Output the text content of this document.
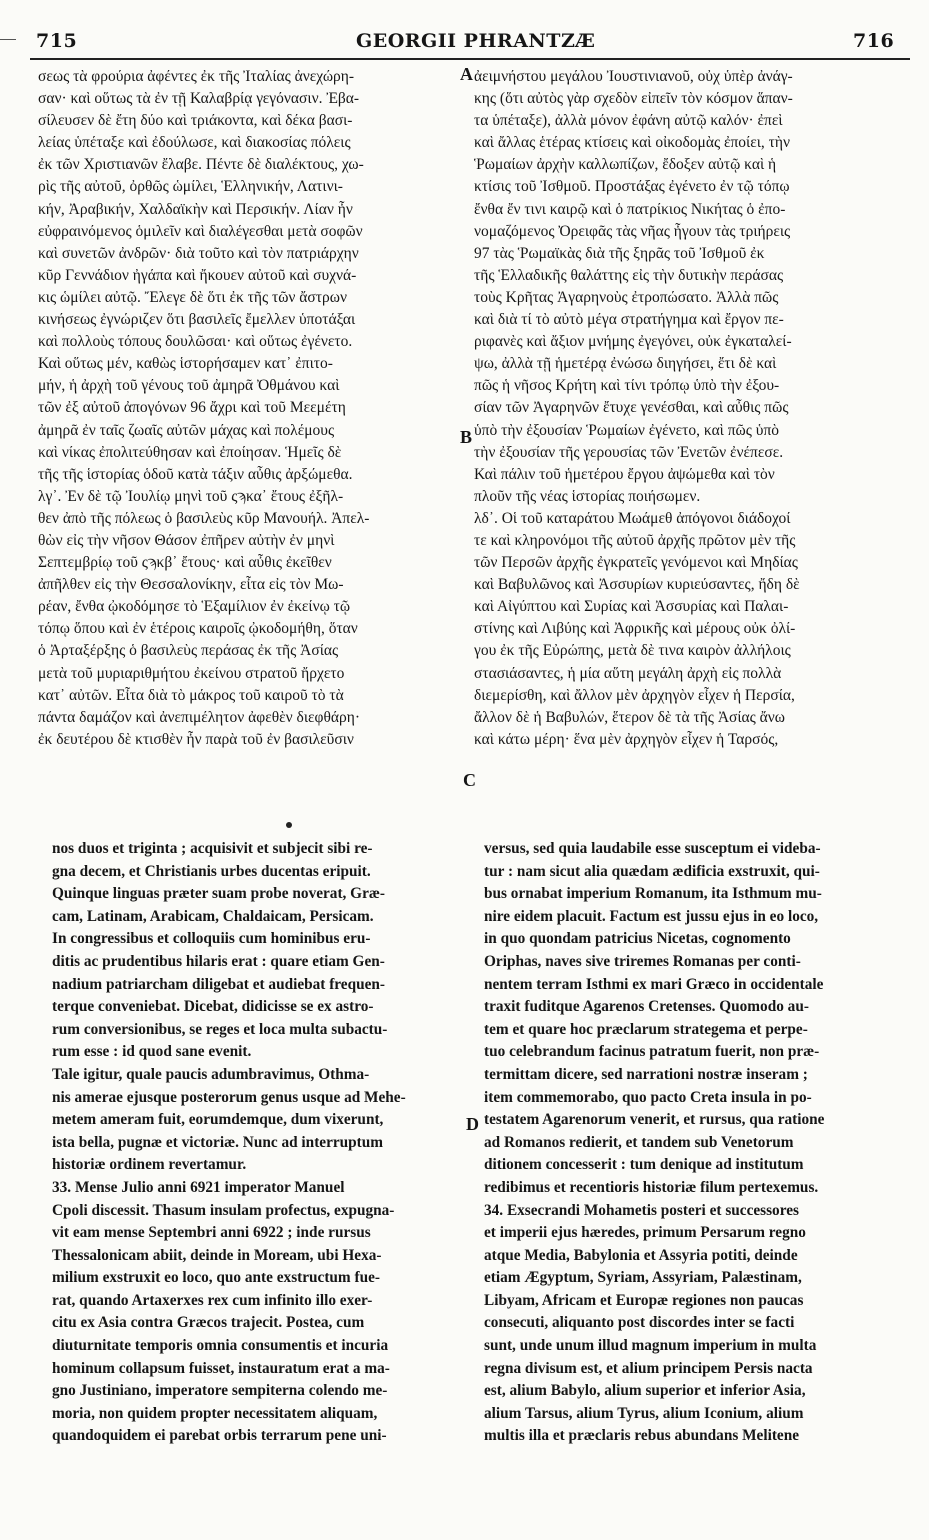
715	GEORGII PHRANTZÆ	716
σεως τὰ φρούρια ἀφέντες ἐκ τῆς Ἰταλίας ἀνεχώρη-
σαν· καὶ οὕτως τὰ ἐν τῇ Καλαβρίᾳ γεγόνασιν. Ἐβα-
σίλευσεν δὲ ἔτη δύο καὶ τριάκοντα, καὶ δέκα βασι-
λείας ὑπέταξε καὶ ἐδούλωσε, καὶ διακοσίας πόλεις
ἐκ τῶν Χριστιανῶν ἔλαβε. Πέντε δὲ διαλέκτους, χω-
ρὶς τῆς αὐτοῦ, ὀρθῶς ὡμίλει, Ἑλληνικήν, Λατινι-
κήν, Ἀραβικήν, Χαλδαϊκὴν καὶ Περσικήν. Λίαν ἦν
εὐφραινόμενος ὁμιλεῖν καὶ διαλέγεσθαι μετὰ σοφῶν
καὶ συνετῶν ἀνδρῶν· διὰ τοῦτο καὶ τὸν πατριάρχην
κῦρ Γεννάδιον ἠγάπα καὶ ἤκουεν αὐτοῦ καὶ συχνά-
κις ὡμίλει αὐτῷ. Ἔλεγε δὲ ὅτι ἐκ τῆς τῶν ἄστρων
κινήσεως ἐγνώριζεν ὅτι βασιλεῖς ἔμελλεν ὑποτάξαι
καὶ πολλοὺς τόπους δουλῶσαι· καὶ οὕτως ἐγένετο.
Καὶ οὕτως μέν, καθὼς ἱστορήσαμεν κατ᾽ ἐπιτο-
μήν, ἡ ἀρχὴ τοῦ γένους τοῦ ἀμηρᾶ Ὀθμάνου καὶ
τῶν ἐξ αὐτοῦ ἀπογόνων 96 ἄχρι καὶ τοῦ Μεεμέτη
ἀμηρᾶ ἐν ταῖς ζωαῖς αὐτῶν μάχας καὶ πολέμους
καὶ νίκας ἐπολιτεύθησαν καὶ ἐποίησαν. Ἡμεῖς δὲ
τῆς τῆς ἱστορίας ὁδοῦ κατὰ τάξιν αὖθις ἀρξώμεθα.
λγ᾽. Ἐν δὲ τῷ Ἰουλίῳ μηνὶ τοῦ ςϡκα᾽ ἔτους ἐξῆλ-
θεν ἀπὸ τῆς πόλεως ὁ βασιλεὺς κῦρ Μανουήλ. Ἀπελ-
θὼν εἰς τὴν νῆσον Θάσον ἐπῆρεν αὐτὴν ἐν μηνὶ
Σεπτεμβρίῳ τοῦ ςϡκβ᾽ ἔτους· καὶ αὖθις ἐκεῖθεν
ἀπῆλθεν εἰς τὴν Θεσσαλονίκην, εἶτα εἰς τὸν Μω-
ρέαν, ἔνθα ᾠκοδόμησε τὸ Ἑξαμίλιον ἐν ἐκείνῳ τῷ
τόπῳ ὅπου καὶ ἐν ἑτέροις καιροῖς ᾠκοδομήθη, ὅταν
ὁ Ἀρταξέρξης ὁ βασιλεὺς περάσας ἐκ τῆς Ἀσίας
μετὰ τοῦ μυριαριθμήτου ἐκείνου στρατοῦ ἤρχετο
κατ᾽ αὐτῶν. Εἶτα διὰ τὸ μάκρος τοῦ καιροῦ τὸ τὰ
πάντα δαμάζον καὶ ἀνεπιμέλητον ἀφεθὲν διεφθάρη·
ἐκ δευτέρου δὲ κτισθὲν ἦν παρὰ τοῦ ἐν βασιλεῦσιν
ἀειμνήστου μεγάλου Ἰουστινιανοῦ, οὐχ ὑπὲρ ἀνάγ-
κης (ὅτι αὐτὸς γὰρ σχεδὸν εἰπεῖν τὸν κόσμον ἅπαν-
τα ὑπέταξε), ἀλλὰ μόνον ἐφάνη αὐτῷ καλόν· ἐπεὶ
καὶ ἄλλας ἑτέρας κτίσεις καὶ οἰκοδομὰς ἐποίει, τὴν
Ῥωμαίων ἀρχὴν καλλωπίζων, ἔδοξεν αὐτῷ καὶ ἡ
κτίσις τοῦ Ἰσθμοῦ. Προστάξας ἐγένετο ἐν τῷ τόπῳ
ἔνθα ἔν τινι καιρῷ καὶ ὁ πατρίκιος Νικήτας ὁ ἐπο-
νομαζόμενος Ὀρειφᾶς τὰς νῆας ἦγουν τὰς τριήρεις
97 τὰς Ῥωμαϊκὰς διὰ τῆς ξηρᾶς τοῦ Ἰσθμοῦ ἐκ
τῆς Ἑλλαδικῆς θαλάττης εἰς τὴν δυτικὴν περάσας
τοὺς Κρῆτας Ἀγαρηνοὺς ἐτροπώσατο. Ἀλλὰ πῶς
καὶ διὰ τί τὸ αὐτὸ μέγα στρατήγημα καὶ ἔργον πε-
ριφανὲς καὶ ἄξιον μνήμης ἐγεγόνει, οὐκ ἐγκαταλεί-
ψω, ἀλλὰ τῇ ἡμετέρᾳ ἐνώσω διηγήσει, ἔτι δὲ καὶ
πῶς ἡ νῆσος Κρήτη καὶ τίνι τρόπῳ ὑπὸ τὴν ἐξου-
σίαν τῶν Ἀγαρηνῶν ἔτυχε γενέσθαι, καὶ αὖθις πῶς
ὑπὸ τὴν ἐξουσίαν Ῥωμαίων ἐγένετο, καὶ πῶς ὑπὸ
τὴν ἐξουσίαν τῆς γερουσίας τῶν Ἐνετῶν ἐνέπεσε.
Καὶ πάλιν τοῦ ἡμετέρου ἔργου ἀψώμεθα καὶ τὸν
πλοῦν τῆς νέας ἱστορίας ποιήσωμεν.
λδ᾽. Οἱ τοῦ καταράτου Μωάμεθ ἀπόγονοι διάδοχοί
τε καὶ κληρονόμοι τῆς αὐτοῦ ἀρχῆς πρῶτον μὲν τῆς
τῶν Περσῶν ἀρχῆς ἐγκρατεῖς γενόμενοι καὶ Μηδίας
καὶ Βαβυλῶνος καὶ Ἀσσυρίων κυριεύσαντες, ἤδη δὲ
καὶ Αἰγύπτου καὶ Συρίας καὶ Ἀσσυρίας καὶ Παλαι-
στίνης καὶ Λιβύης καὶ Ἀφρικῆς καὶ μέρους οὐκ ὀλί-
γου ἐκ τῆς Εὐρώπης, μετὰ δὲ τινα καιρὸν ἀλλήλοις
στασιάσαντες, ἡ μία αὕτη μεγάλη ἀρχὴ εἰς πολλὰ
διεμερίσθη, καὶ ἄλλον μὲν ἀρχηγὸν εἶχεν ἡ Περσία,
ἄλλον δὲ ἡ Βαβυλών, ἕτερον δὲ τὰ τῆς Ἀσίας ἄνω
καὶ κάτω μέρη· ἕνα μὲν ἀρχηγὸν εἶχεν ἡ Ταρσός,
A
B
C
D
nos duos et triginta ; acquisivit et subjecit sibi re-
gna decem, et Christianis urbes ducentas eripuit.
Quinque linguas præter suam probe noverat, Græ-
cam, Latinam, Arabicam, Chaldaicam, Persicam.
In congressibus et colloquiis cum hominibus eru-
ditis ac prudentibus hilaris erat : quare etiam Gen-
nadium patriarcham diligebat et audiebat frequen-
terque conveniebat. Dicebat, didicisse se ex astro-
rum conversionibus, se reges et loca multa subactu-
rum esse : id quod sane evenit.
Tale igitur, quale paucis adumbravimus, Othma-
nis amerae ejusque posterorum genus usque ad Mehe-
metem ameram fuit, eorumdemque, dum vixerunt,
ista bella, pugnæ et victoriæ. Nunc ad interruptum
historiæ ordinem revertamur.
33. Mense Julio anni 6921 imperator Manuel
Cpoli discessit. Thasum insulam profectus, expugna-
vit eam mense Septembri anni 6922 ; inde rursus
Thessalonicam abiit, deinde in Moream, ubi Hexa-
milium exstruxit eo loco, quo ante exstructum fue-
rat, quando Artaxerxes rex cum infinito illo exer-
citu ex Asia contra Græcos trajecit. Postea, cum
diuturnitate temporis omnia consumentis et incuria
hominum collapsum fuisset, instauratum erat a ma-
gno Justiniano, imperatore sempiterna colendo me-
moria, non quidem propter necessitatem aliquam,
quandoquidem ei parebat orbis terrarum pene uni-
versus, sed quia laudabile esse susceptum ei videba-
tur : nam sicut alia quædam ædificia exstruxit, qui-
bus ornabat imperium Romanum, ita Isthmum mu-
nire eidem placuit. Factum est jussu ejus in eo loco,
in quo quondam patricius Nicetas, cognomento
Oriphas, naves sive triremes Romanas per conti-
nentem terram Isthmi ex mari Græco in occidentale
traxit fuditque Agarenos Cretenses. Quomodo au-
tem et quare hoc præclarum strategema et perpe-
tuo celebrandum facinus patratum fuerit, non præ-
termittam dicere, sed narrationi nostræ inseram ;
item commemorabo, quo pacto Creta insula in po-
testatem Agarenorum venerit, et rursus, qua ratione
ad Romanos redierit, et tandem sub Venetorum
ditionem concesserit : tum denique ad institutum
redibimus et recentioris historiæ filum pertexemus.
34. Exsecrandi Mohametis posteri et successores
et imperii ejus hæredes, primum Persarum regno
atque Media, Babylonia et Assyria potiti, deinde
etiam Ægyptum, Syriam, Assyriam, Palæstinam,
Libyam, Africam et Europæ regiones non paucas
consecuti, aliquanto post discordes inter se facti
sunt, unde unum illud magnum imperium in multa
regna divisum est, et alium principem Persis nacta
est, alium Babylo, alium superior et inferior Asia,
alium Tarsus, alium Tyrus, alium Iconium, alium
multis illa et præclaris rebus abundans Melitene
